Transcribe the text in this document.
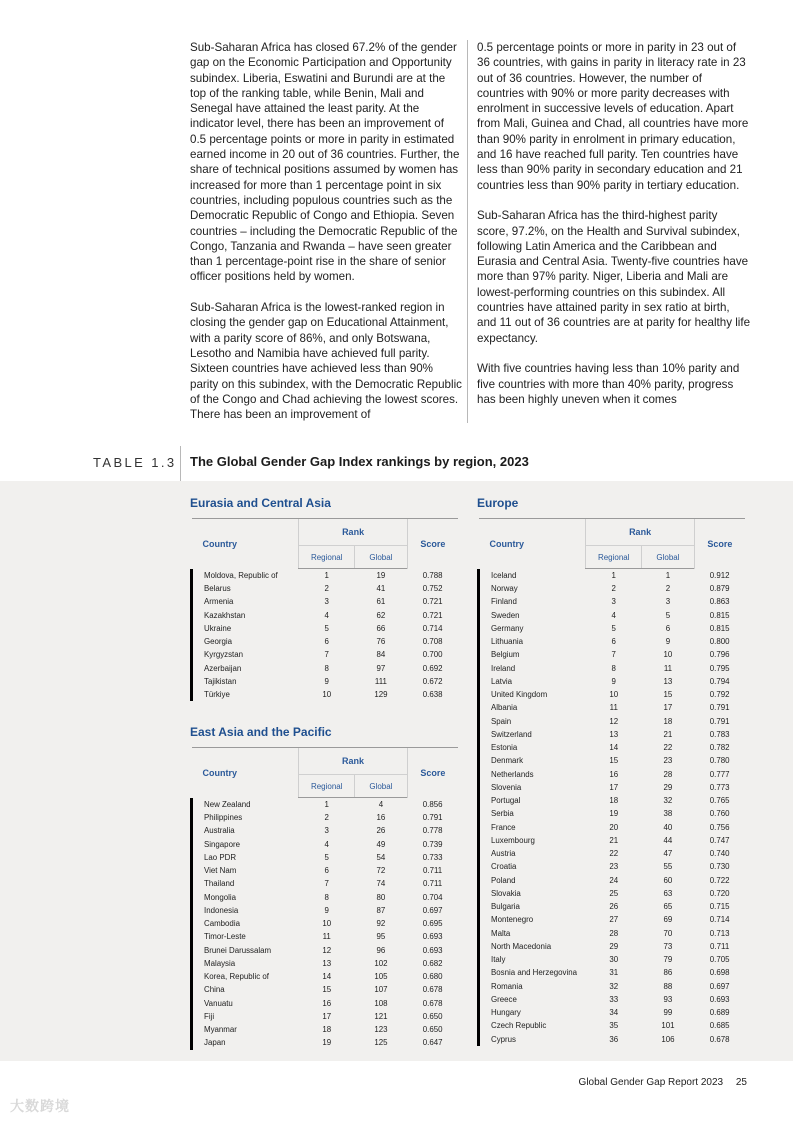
Sub-Saharan Africa has closed 67.2% of the gender gap on the Economic Participation and Opportunity subindex. Liberia, Eswatini and Burundi are at the top of the ranking table, while Benin, Mali and Senegal have attained the least parity. At the indicator level, there has been an improvement of 0.5 percentage points or more in parity in estimated earned income in 20 out of 36 countries. Further, the share of technical positions assumed by women has increased for more than 1 percentage point in six countries, including populous countries such as the Democratic Republic of Congo and Ethiopia. Seven countries – including the Democratic Republic of the Congo, Tanzania and Rwanda – have seen greater than 1 percentage-point rise in the share of senior officer positions held by women.

Sub-Saharan Africa is the lowest-ranked region in closing the gender gap on Educational Attainment, with a parity score of 86%, and only Botswana, Lesotho and Namibia have achieved full parity. Sixteen countries have achieved less than 90% parity on this subindex, with the Democratic Republic of the Congo and Chad achieving the lowest scores. There has been an improvement of

0.5 percentage points or more in parity in 23 out of 36 countries, with gains in parity in literacy rate in 23 out of 36 countries. However, the number of countries with 90% or more parity decreases with enrolment in successive levels of education. Apart from Mali, Guinea and Chad, all countries have more than 90% parity in enrolment in primary education, and 16 have reached full parity. Ten countries have less than 90% parity in secondary education and 21 countries less than 90% parity in tertiary education.

Sub-Saharan Africa has the third-highest parity score, 97.2%, on the Health and Survival subindex, following Latin America and the Caribbean and Eurasia and Central Asia. Twenty-five countries have more than 97% parity. Niger, Liberia and Mali are lowest-performing countries on this subindex. All countries have attained parity in sex ratio at birth, and 11 out of 36 countries are at parity for healthy life expectancy.

With five countries having less than 10% parity and five countries with more than 40% parity, progress has been highly uneven when it comes

TABLE 1.3 The Global Gender Gap Index rankings by region, 2023
Eurasia and Central Asia
Country	Rank		Score
	Regional	Global	
Moldova, Republic of	1	19	0.788
Belarus	2	41	0.752
Armenia	3	61	0.721
Kazakhstan	4	62	0.721
Ukraine	5	66	0.714
Georgia	6	76	0.708
Kyrgyzstan	7	84	0.700
Azerbaijan	8	97	0.692
Tajikistan	9	111	0.672
Türkiye	10	129	0.638
East Asia and the Pacific
Country	Rank		Score
	Regional	Global	
New Zealand	1	4	0.856
Philippines	2	16	0.791
Australia	3	26	0.778
Singapore	4	49	0.739
Lao PDR	5	54	0.733
Viet Nam	6	72	0.711
Thailand	7	74	0.711
Mongolia	8	80	0.704
Indonesia	9	87	0.697
Cambodia	10	92	0.695
Timor-Leste	11	95	0.693
Brunei Darussalam	12	96	0.693
Malaysia	13	102	0.682
Korea, Republic of	14	105	0.680
China	15	107	0.678
Vanuatu	16	108	0.678
Fiji	17	121	0.650
Myanmar	18	123	0.650
Japan	19	125	0.647
Europe
Country	Rank		Score
	Regional	Global	
Iceland	1	1	0.912
Norway	2	2	0.879
Finland	3	3	0.863
Sweden	4	5	0.815
Germany	5	6	0.815
Lithuania	6	9	0.800
Belgium	7	10	0.796
Ireland	8	11	0.795
Latvia	9	13	0.794
United Kingdom	10	15	0.792
Albania	11	17	0.791
Spain	12	18	0.791
Switzerland	13	21	0.783
Estonia	14	22	0.782
Denmark	15	23	0.780
Netherlands	16	28	0.777
Slovenia	17	29	0.773
Portugal	18	32	0.765
Serbia	19	38	0.760
France	20	40	0.756
Luxembourg	21	44	0.747
Austria	22	47	0.740
Croatia	23	55	0.730
Poland	24	60	0.722
Slovakia	25	63	0.720
Bulgaria	26	65	0.715
Montenegro	27	69	0.714
Malta	28	70	0.713
North Macedonia	29	73	0.711
Italy	30	79	0.705
Bosnia and Herzegovina	31	86	0.698
Romania	32	88	0.697
Greece	33	93	0.693
Hungary	34	99	0.689
Czech Republic	35	101	0.685
Cyprus	36	106	0.678
Global Gender Gap Report 2023 25
大数跨境
